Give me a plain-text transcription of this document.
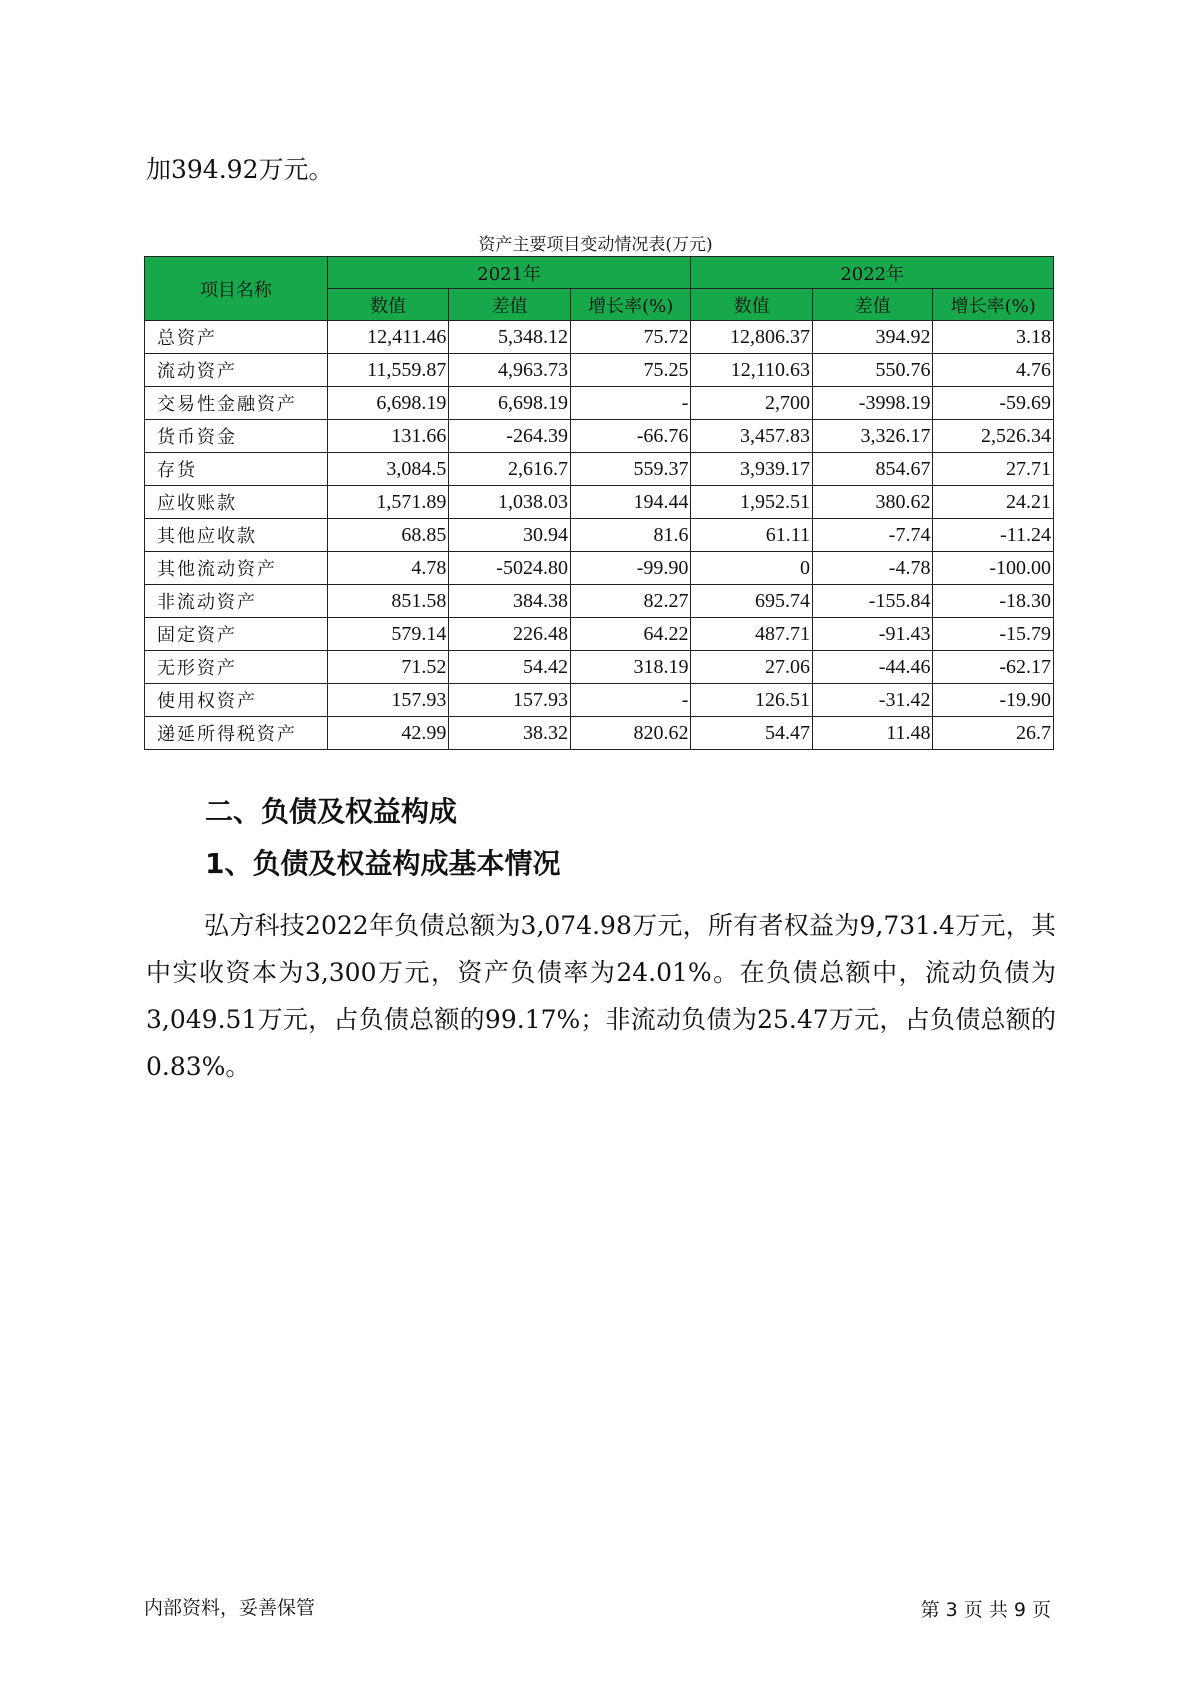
加394.92万元。
资产主要项目变动情况表(万元)
项目名称	2021年			2022年		
	数值	差值	增长率(%)	数值	差值	增长率(%)
总资产	12,411.46	5,348.12	75.72	12,806.37	394.92	3.18
流动资产	11,559.87	4,963.73	75.25	12,110.63	550.76	4.76
交易性金融资产	6,698.19	6,698.19	-	2,700	-3998.19	-59.69
货币资金	131.66	-264.39	-66.76	3,457.83	3,326.17	2,526.34
存货	3,084.5	2,616.7	559.37	3,939.17	854.67	27.71
应收账款	1,571.89	1,038.03	194.44	1,952.51	380.62	24.21
其他应收款	68.85	30.94	81.6	61.11	-7.74	-11.24
其他流动资产	4.78	-5024.80	-99.90	0	-4.78	-100.00
非流动资产	851.58	384.38	82.27	695.74	-155.84	-18.30
固定资产	579.14	226.48	64.22	487.71	-91.43	-15.79
无形资产	71.52	54.42	318.19	27.06	-44.46	-62.17
使用权资产	157.93	157.93	-	126.51	-31.42	-19.90
递延所得税资产	42.99	38.32	820.62	54.47	11.48	26.7
二、负债及权益构成
1、负债及权益构成基本情况
弘方科技2022年负债总额为3,074.98万元，所有者权益为9,731.4万元，其中实收资本为3,300万元，资产负债率为24.01%。在负债总额中，流动负债为3,049.51万元，占负债总额的99.17%；非流动负债为25.47万元，占负债总额的0.83%。
内部资料，妥善保管	第 3 页 共 9 页
